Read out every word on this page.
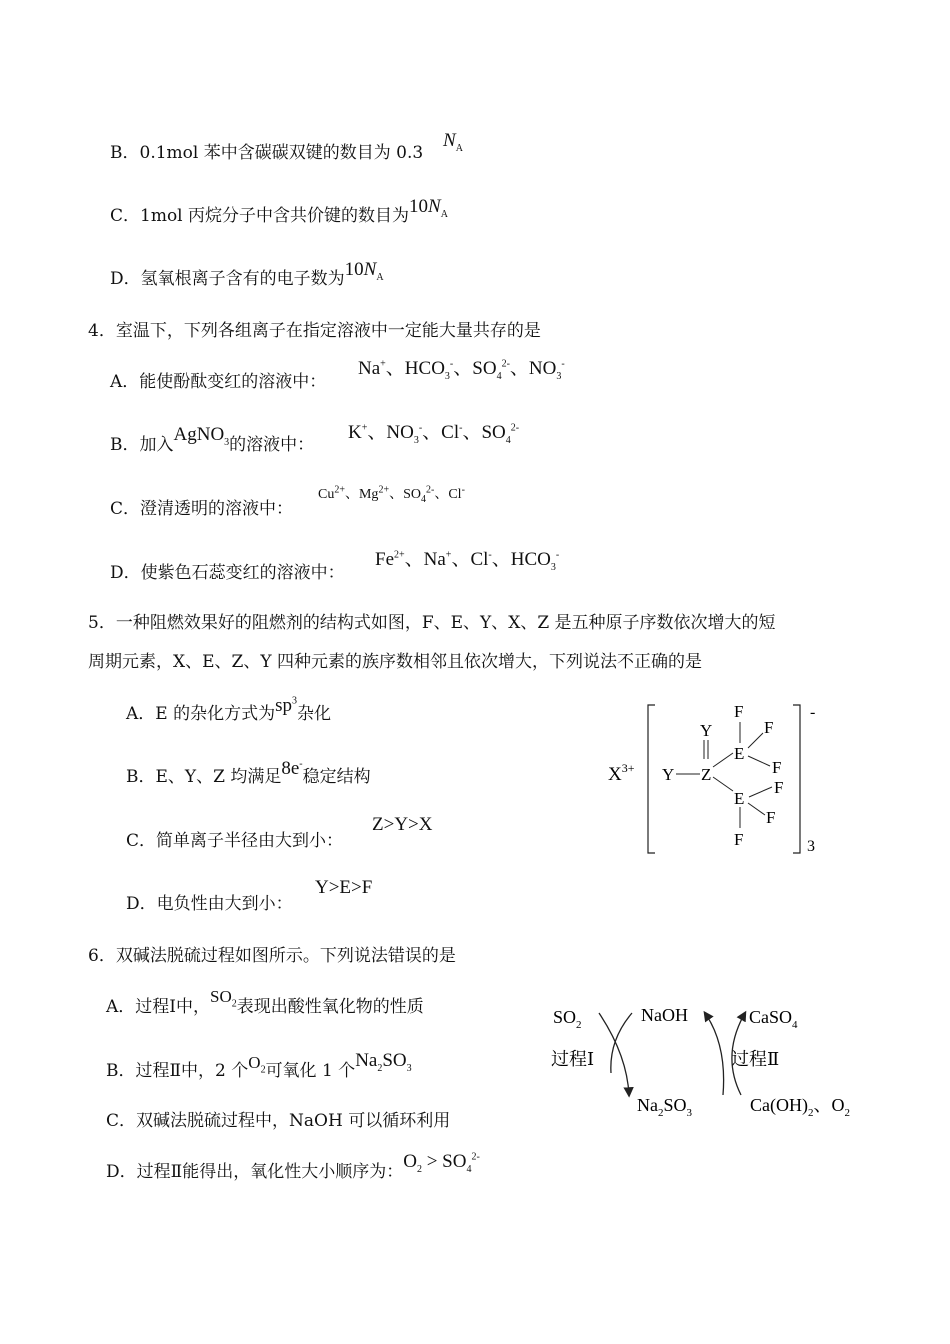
B．0.1mol 苯中含碳碳双键的数目为 0.3
$N_A$
C．1mol 丙烷分子中含共价键的数目为$10N_A$
D．氢氧根离子含有的电子数为$10N_A$
4．室温下，下列各组离子在指定溶液中一定能大量共存的是
A．能使酚酞变红的溶液中：
Na+、$HCO_3^-$、$SO_4^{2-}$、$NO_3^-$
B．加入AgNO$_3$的溶液中：
K+、$NO_3^-$、Cl-、$SO_4^{2-}$
C．澄清透明的溶液中：
$Cu^{2+}$、$Mg^{2+}$、$SO_4^{2-}$、Cl-
D．使紫色石蕊变红的溶液中：
$Fe^{2+}$、Na+、Cl-、$HCO_3^-$
5．一种阻燃效果好的阻燃剂的结构式如图，F、E、Y、X、Z 是五种原子序数依次增大的短
周期元素，X、E、Z、Y 四种元素的族序数相邻且依次增大，下列说法不正确的是
A．E 的杂化方式为$sp^3$杂化
B．E、Y、Z 均满足8e-稳定结构
C．简单离子半径由大到小：
Z>Y>X
D．电负性由大到小：
Y>E>F
$X^{3+}$
-
3
Y
Y Z
E
E
F
F
F
F
F
F
6．双碱法脱硫过程如图所示。下列说法错误的是
A．过程Ⅰ中，$SO_2$表现出酸性氧化物的性质
B．过程Ⅱ中，2 个$O_2$可氧化 1 个$Na_2SO_3$
C．双碱法脱硫过程中，NaOH 可以循环利用
D．过程Ⅱ能得出，氧化性大小顺序为：$O_2 > SO_4^{2-}$
$SO_2$	NaOH	CaSO$_4$
过程Ⅰ	过程Ⅱ
$Na_2SO_3$	$Ca(OH)_2$、$O_2$
